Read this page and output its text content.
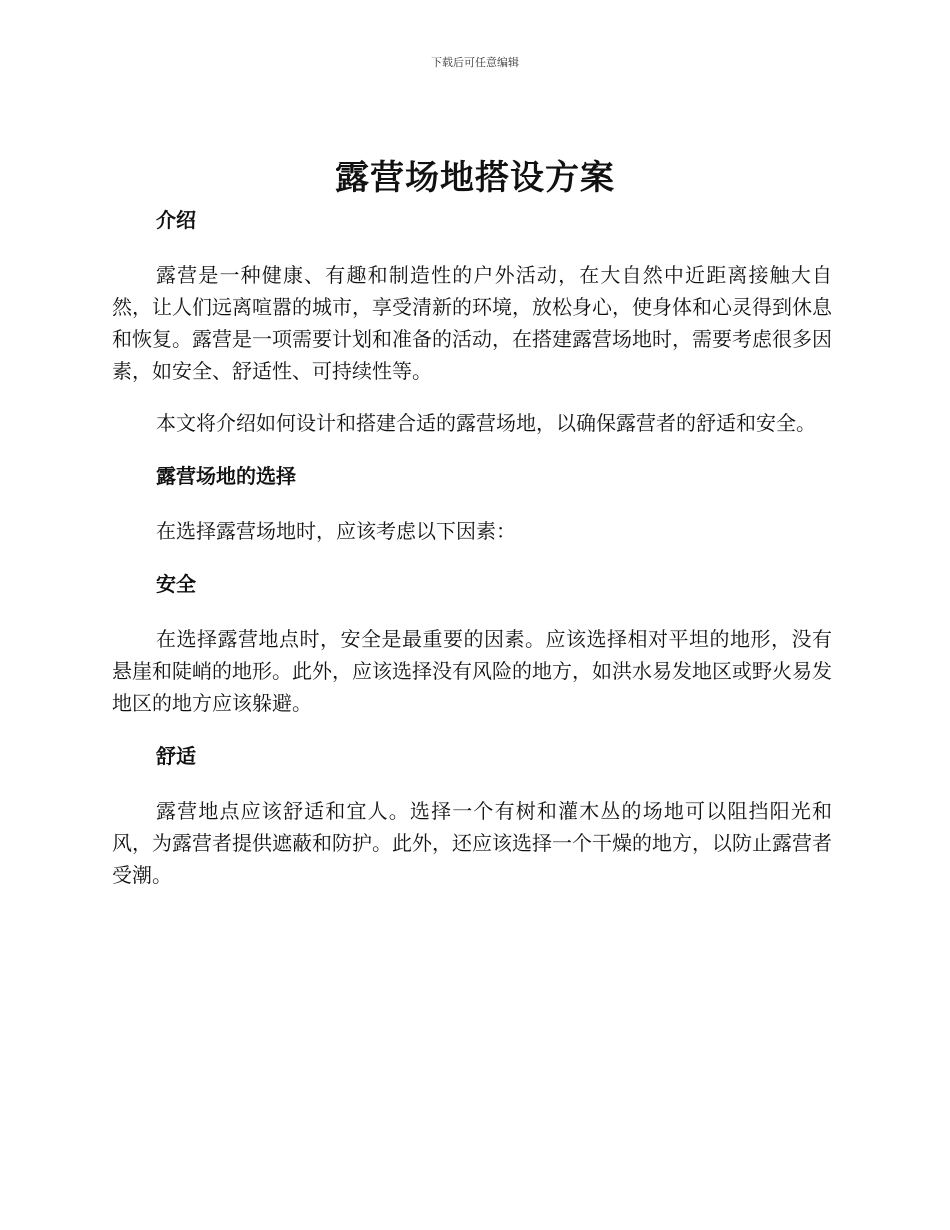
下载后可任意编辑
露营场地搭设方案
介绍

露营是一种健康、有趣和制造性的户外活动，在大自然中近距离接触大自然，让人们远离喧嚣的城市，享受清新的环境，放松身心，使身体和心灵得到休息和恢复。露营是一项需要计划和准备的活动，在搭建露营场地时，需要考虑很多因素，如安全、舒适性、可持续性等。

本文将介绍如何设计和搭建合适的露营场地，以确保露营者的舒适和安全。

露营场地的选择

在选择露营场地时，应该考虑以下因素：

安全

在选择露营地点时，安全是最重要的因素。应该选择相对平坦的地形，没有悬崖和陡峭的地形。此外，应该选择没有风险的地方，如洪水易发地区或野火易发地区的地方应该躲避。

舒适

露营地点应该舒适和宜人。选择一个有树和灌木丛的场地可以阻挡阳光和风，为露营者提供遮蔽和防护。此外，还应该选择一个干燥的地方，以防止露营者受潮。
